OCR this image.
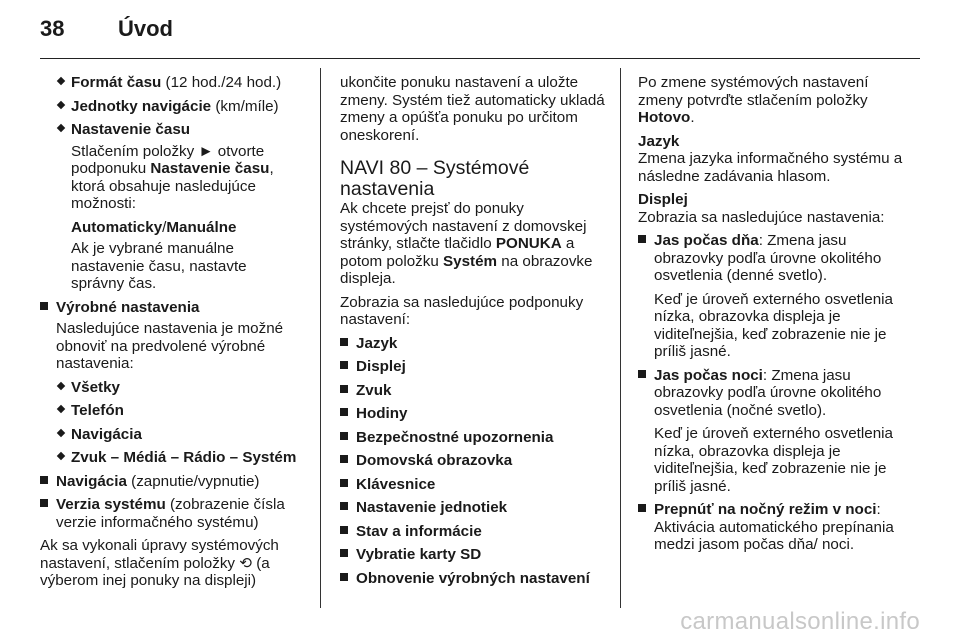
38 Úvod

Formát času (12 hod./24 hod.)

Jednotky navigácie (km/míle)

Nastavenie času

Stlačením položky ► otvorte podponuku Nastavenie času, ktorá obsahuje nasledujúce možnosti:

Automaticky/Manuálne

Ak je vybrané manuálne nastavenie času, nastavte správny čas.

Výrobné nastavenia

Nasledujúce nastavenia je možné obnoviť na predvolené výrobné nastavenia:

Všetky

Telefón

Navigácia

Zvuk – Médiá – Rádio – Systém

Navigácia (zapnutie/vypnutie)

Verzia systému (zobrazenie čísla verzie informačného systému)

Ak sa vykonali úpravy systémových nastavení, stlačením položky ⟲ (a výberom inej ponuky na displeji)

ukončite ponuku nastavení a uložte zmeny. Systém tiež automaticky ukladá zmeny a opúšťa ponuku po určitom oneskorení.

NAVI 80 – Systémové nastavenia

Ak chcete prejsť do ponuky systémových nastavení z domovskej stránky, stlačte tlačidlo PONUKA a potom položku Systém na obrazovke displeja.

Zobrazia sa nasledujúce podponuky nastavení:

Jazyk

Displej

Zvuk

Hodiny

Bezpečnostné upozornenia

Domovská obrazovka

Klávesnice

Nastavenie jednotiek

Stav a informácie

Vybratie karty SD

Obnovenie výrobných nastavení

Po zmene systémových nastavení zmeny potvrďte stlačením položky Hotovo.

Jazyk

Zmena jazyka informačného systému a následne zadávania hlasom.

Displej

Zobrazia sa nasledujúce nastavenia:

Jas počas dňa: Zmena jasu obrazovky podľa úrovne okolitého osvetlenia (denné svetlo).

Keď je úroveň externého osvetlenia nízka, obrazovka displeja je viditeľnejšia, keď zobrazenie nie je príliš jasné.

Jas počas noci: Zmena jasu obrazovky podľa úrovne okolitého osvetlenia (nočné svetlo).

Keď je úroveň externého osvetlenia nízka, obrazovka displeja je viditeľnejšia, keď zobrazenie nie je príliš jasné.

Prepnúť na nočný režim v noci: Aktivácia automatického prepínania medzi jasom počas dňa/ noci.

carmanualsonline.info
